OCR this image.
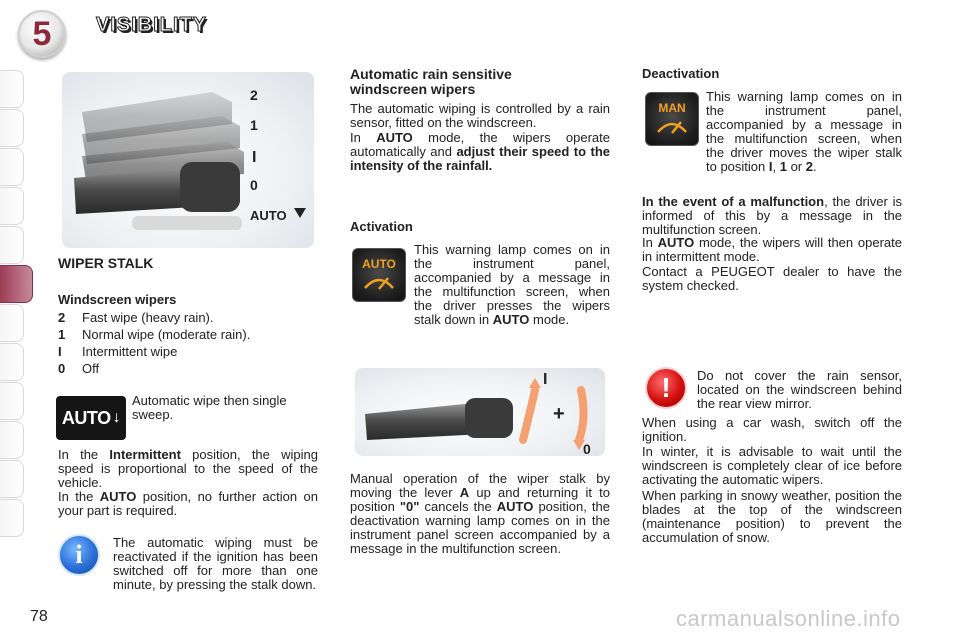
5 VISIBILITY
2
1
I
0
AUTO
WIPER STALK
Windscreen wipers
2	Fast wipe (heavy rain).
1	Normal wipe (moderate rain).
I	Intermittent wipe
0	Off
AUTO ↓
Automatic wipe then single sweep.
In the Intermittent position, the wiping speed is proportional to the speed of the vehicle.
In the AUTO position, no further action on your part is required.
i The automatic wiping must be reactivated if the ignition has been switched off for more than one minute, by pressing the stalk down.
Automatic rain sensitive windscreen wipers
The automatic wiping is controlled by a rain sensor, fitted on the windscreen.
In AUTO mode, the wipers operate automatically and adjust their speed to the intensity of the rainfall.
Activation
AUTO
This warning lamp comes on in the instrument panel, accompanied by a message in the multifunction screen, when the driver presses the wipers stalk down in AUTO mode.
I
+
0
Manual operation of the wiper stalk by moving the lever A up and returning it to position "0" cancels the AUTO position, the deactivation warning lamp comes on in the instrument panel screen accompanied by a message in the multifunction screen.
Deactivation
MAN
This warning lamp comes on in the instrument panel, accompanied by a message in the multifunction screen, when the driver moves the wiper stalk to position I, 1 or 2.
In the event of a malfunction, the driver is informed of this by a message in the multifunction screen.
In AUTO mode, the wipers will then operate in intermittent mode.
Contact a PEUGEOT dealer to have the system checked.
! Do not cover the rain sensor, located on the windscreen behind the rear view mirror.
When using a car wash, switch off the ignition.
In winter, it is advisable to wait until the windscreen is completely clear of ice before activating the automatic wipers.
When parking in snowy weather, position the blades at the top of the windscreen (maintenance position) to prevent the accumulation of snow.
78	carmanualsonline.info
